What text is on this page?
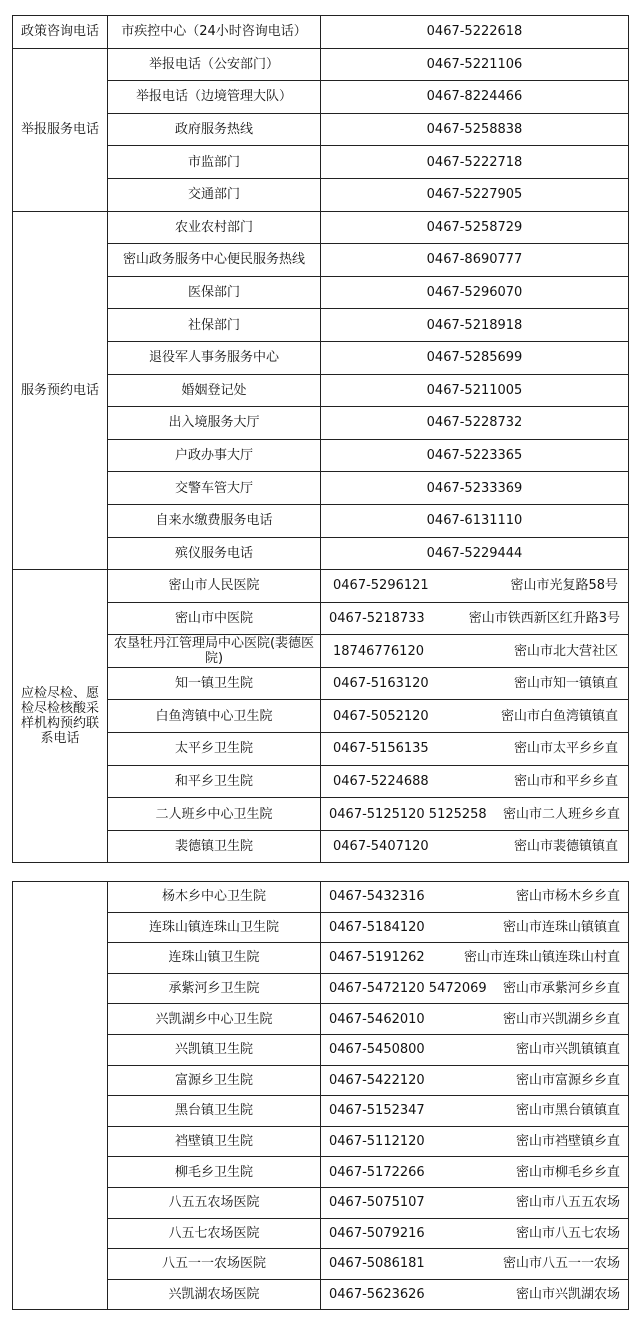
政策咨询电话	市疾控中心（24小时咨询电话）	0467-5222618
举报服务电话	举报电话（公安部门）	0467-5221106
	举报电话（边境管理大队）	0467-8224466
	政府服务热线	0467-5258838
	市监部门	0467-5222718
	交通部门	0467-5227905
服务预约电话	农业农村部门	0467-5258729
	密山政务服务中心便民服务热线	0467-8690777
	医保部门	0467-5296070
	社保部门	0467-5218918
	退役军人事务服务中心	0467-5285699
	婚姻登记处	0467-5211005
	出入境服务大厅	0467-5228732
	户政办事大厅	0467-5223365
	交警车管大厅	0467-5233369
	自来水缴费服务电话	0467-6131110
	殡仪服务电话	0467-5229444
应检尽检、愿检尽检核酸采样机构预约联系电话	密山市人民医院	0467-5296121 密山市光复路58号

	密山市中医院	0467-5218733 密山市铁西新区红升路3号

	农垦牡丹江管理局中心医院(裴德医院)	18746776120 密山市北大营社区

	知一镇卫生院	0467-5163120 密山市知一镇镇直

	白鱼湾镇中心卫生院	0467-5052120 密山市白鱼湾镇镇直

	太平乡卫生院	0467-5156135 密山市太平乡乡直

	和平乡卫生院	0467-5224688 密山市和平乡乡直

	二人班乡中心卫生院	0467-5125120 5125258 密山市二人班乡乡直

	裴德镇卫生院	0467-5407120 密山市裴德镇镇直
	杨木乡中心卫生院	0467-5432316 密山市杨木乡乡直

	连珠山镇连珠山卫生院	0467-5184120 密山市连珠山镇镇直

	连珠山镇卫生院	0467-5191262 密山市连珠山镇连珠山村直

	承紫河乡卫生院	0467-5472120 5472069 密山市承紫河乡乡直

	兴凯湖乡中心卫生院	0467-5462010 密山市兴凯湖乡乡直

	兴凯镇卫生院	0467-5450800 密山市兴凯镇镇直

	富源乡卫生院	0467-5422120 密山市富源乡乡直

	黑台镇卫生院	0467-5152347 密山市黑台镇镇直

	裆壁镇卫生院	0467-5112120 密山市裆壁镇乡直

	柳毛乡卫生院	0467-5172266 密山市柳毛乡乡直

	八五五农场医院	0467-5075107 密山市八五五农场

	八五七农场医院	0467-5079216 密山市八五七农场

	八五一一农场医院	0467-5086181 密山市八五一一农场

	兴凯湖农场医院	0467-5623626 密山市兴凯湖农场
